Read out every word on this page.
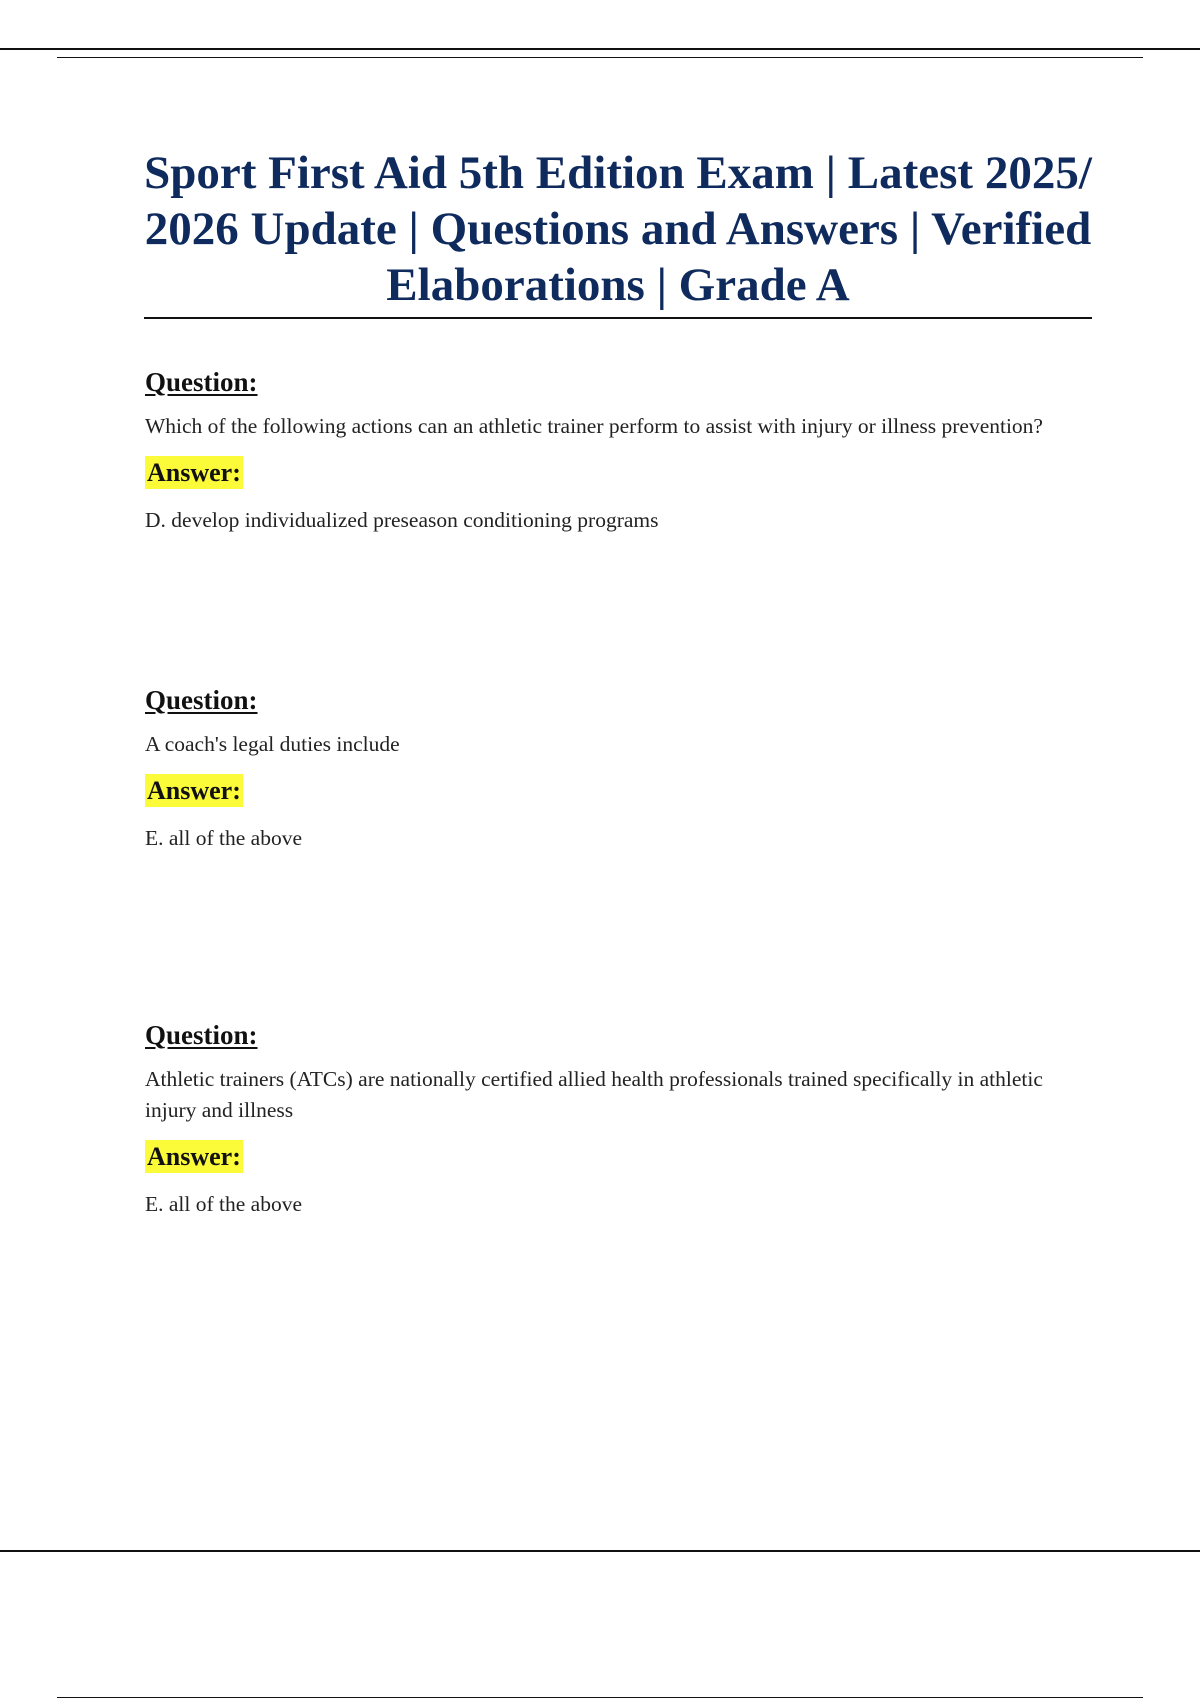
Sport First Aid 5th Edition Exam | Latest 2025/ 2026 Update | Questions and Answers | Verified Elaborations | Grade A
Question:

Which of the following actions can an athletic trainer perform to assist with injury or illness prevention?

Answer:

D. develop individualized preseason conditioning programs

Question:

A coach's legal duties include

Answer:

E. all of the above

Question:

Athletic trainers (ATCs) are nationally certified allied health professionals trained specifically in athletic injury and illness

Answer:

E. all of the above
